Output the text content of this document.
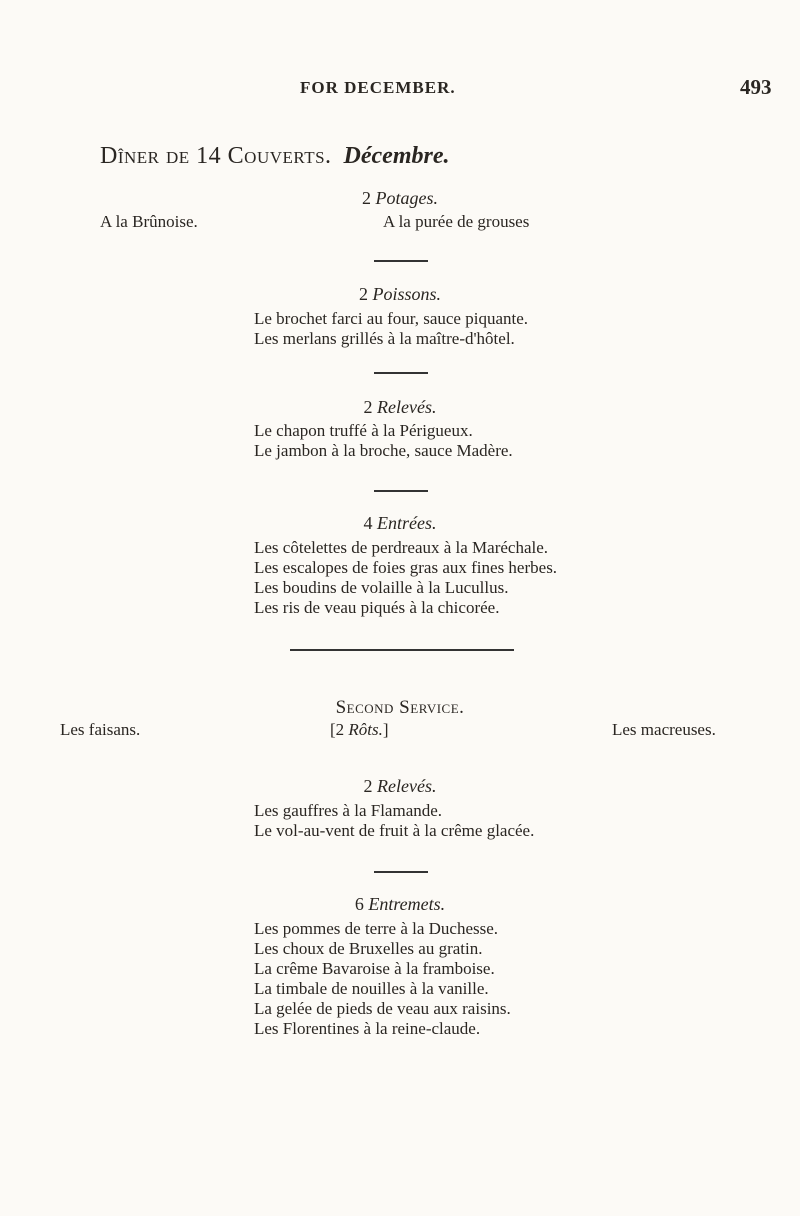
FOR DECEMBER.	493
Dîner de 14 Couverts. Décembre.
2 Potages.
A la Brûnoise.	A la purée de grouses
2 Poissons.
Le brochet farci au four, sauce piquante.
Les merlans grillés à la maître-d'hôtel.
2 Relevés.
Le chapon truffé à la Périgueux.
Le jambon à la broche, sauce Madère.
4 Entrées.
Les côtelettes de perdreaux à la Maréchale.
Les escalopes de foies gras aux fines herbes.
Les boudins de volaille à la Lucullus.
Les ris de veau piqués à la chicorée.
Second Service.
Les faisans.	[2 Rôts.]	Les macreuses.
2 Relevés.
Les gauffres à la Flamande.
Le vol-au-vent de fruit à la crême glacée.
6 Entremets.
Les pommes de terre à la Duchesse.
Les choux de Bruxelles au gratin.
La crême Bavaroise à la framboise.
La timbale de nouilles à la vanille.
La gelée de pieds de veau aux raisins.
Les Florentines à la reine-claude.
